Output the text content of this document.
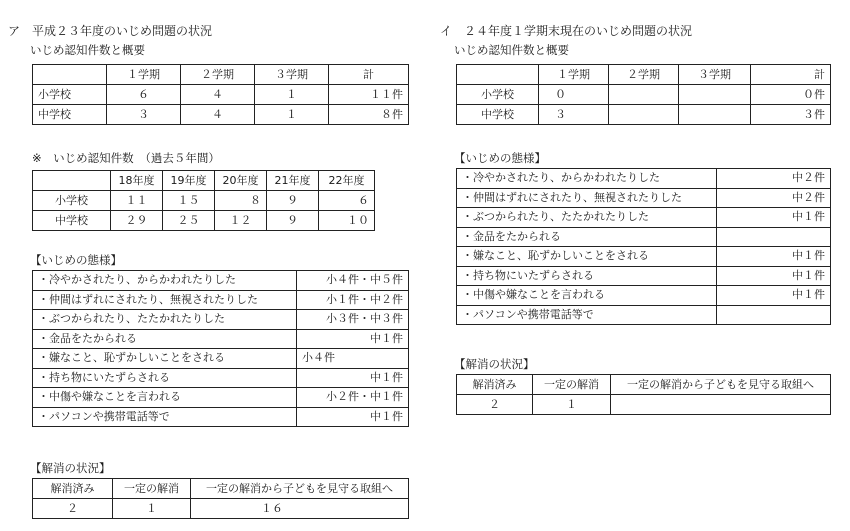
ア　平成２３年度のいじめ問題の状況
いじめ認知件数と概要
	１学期	２学期	３学期	計
小学校	６	４	１	１１件
中学校	３	４	１	８件
※　いじめ認知件数　（過去５年間）
	18年度	19年度	20年度	21年度	22年度
小学校	１１	１５	８	９	６
中学校	２９	２５	１２	９	１０
【いじめの態様】
・冷やかされたり、からかわれたりした	小４件・中５件
・仲間はずれにされたり、無視されたりした	小１件・中２件
・ぶつかられたり、たたかれたりした	小３件・中３件
・金品をたかられる	中１件
・嫌なこと、恥ずかしいことをされる	小４件
・持ち物にいたずらされる	中１件
・中傷や嫌なことを言われる	小２件・中１件
・パソコンや携帯電話等で	中１件
【解消の状況】
解消済み	一定の解消	一定の解消から子どもを見守る取組へ
２	１	１６
イ　２４年度１学期末現在のいじめ問題の状況
いじめ認知件数と概要
	１学期	２学期	３学期	計
小学校	０			０件
中学校	３			３件
【いじめの態様】
・冷やかされたり、からかわれたりした	中２件
・仲間はずれにされたり、無視されたりした	中２件
・ぶつかられたり、たたかれたりした	中１件
・金品をたかられる	
・嫌なこと、恥ずかしいことをされる	中１件
・持ち物にいたずらされる	中１件
・中傷や嫌なことを言われる	中１件
・パソコンや携帯電話等で	
【解消の状況】
解消済み	一定の解消	一定の解消から子どもを見守る取組へ
２	１	
